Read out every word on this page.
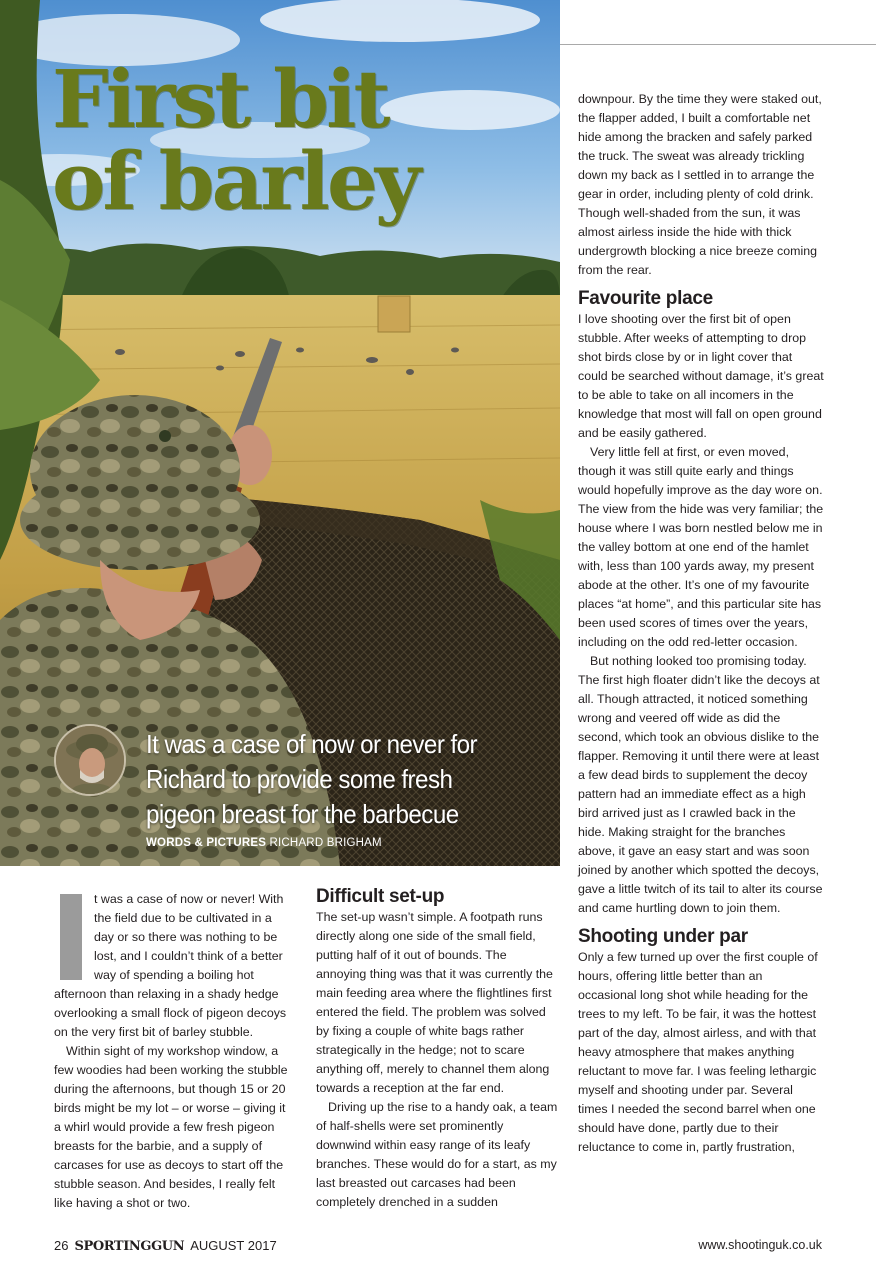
First bit
of barley

It was a case of now or never for Richard to provide some fresh pigeon breast for the barbecue

WORDS & PICTURES RICHARD BRIGHAM

t was a case of now or never! With the field due to be cultivated in a day or so there was nothing to be lost, and I couldn’t think of a better way of spending a boiling hot afternoon than relaxing in a shady hedge overlooking a small flock of pigeon decoys on the very first bit of barley stubble.

Within sight of my workshop window, a few woodies had been working the stubble during the afternoons, but though 15 or 20 birds might be my lot – or worse – giving it a whirl would provide a few fresh pigeon breasts for the barbie, and a supply of carcases for use as decoys to start off the stubble season. And besides, I really felt like having a shot or two.

Difficult set-up

The set-up wasn’t simple. A footpath runs directly along one side of the small field, putting half of it out of bounds. The annoying thing was that it was currently the main feeding area where the flightlines first entered the field. The problem was solved by fixing a couple of white bags rather strategically in the hedge; not to scare anything off, merely to channel them along towards a reception at the far end.

Driving up the rise to a handy oak, a team of half-shells were set prominently downwind within easy range of its leafy branches. These would do for a start, as my last breasted out carcases had been completely drenched in a sudden

downpour. By the time they were staked out, the flapper added, I built a comfortable net hide among the bracken and safely parked the truck. The sweat was already trickling down my back as I settled in to arrange the gear in order, including plenty of cold drink. Though well-shaded from the sun, it was almost airless inside the hide with thick undergrowth blocking a nice breeze coming from the rear.

Favourite place

I love shooting over the first bit of open stubble. After weeks of attempting to drop shot birds close by or in light cover that could be searched without damage, it’s great to be able to take on all incomers in the knowledge that most will fall on open ground and be easily gathered.

Very little fell at first, or even moved, though it was still quite early and things would hopefully improve as the day wore on. The view from the hide was very familiar; the house where I was born nestled below me in the valley bottom at one end of the hamlet with, less than 100 yards away, my present abode at the other. It’s one of my favourite places “at home”, and this particular site has been used scores of times over the years, including on the odd red-letter occasion.

But nothing looked too promising today. The first high floater didn’t like the decoys at all. Though attracted, it noticed something wrong and veered off wide as did the second, which took an obvious dislike to the flapper. Removing it until there were at least a few dead birds to supplement the decoy pattern had an immediate effect as a high bird arrived just as I crawled back in the hide. Making straight for the branches above, it gave an easy start and was soon joined by another which spotted the decoys, gave a little twitch of its tail to alter its course and came hurtling down to join them.

Shooting under par

Only a few turned up over the first couple of hours, offering little better than an occasional long shot while heading for the trees to my left. To be fair, it was the hottest part of the day, almost airless, and with that heavy atmosphere that makes anything reluctant to move far. I was feeling lethargic myself and shooting under par. Several times I needed the second barrel when one should have done, partly due to their reluctance to come in, partly frustration,

26 SPORTINGGUN AUGUST 2017	www.shootinguk.co.uk
